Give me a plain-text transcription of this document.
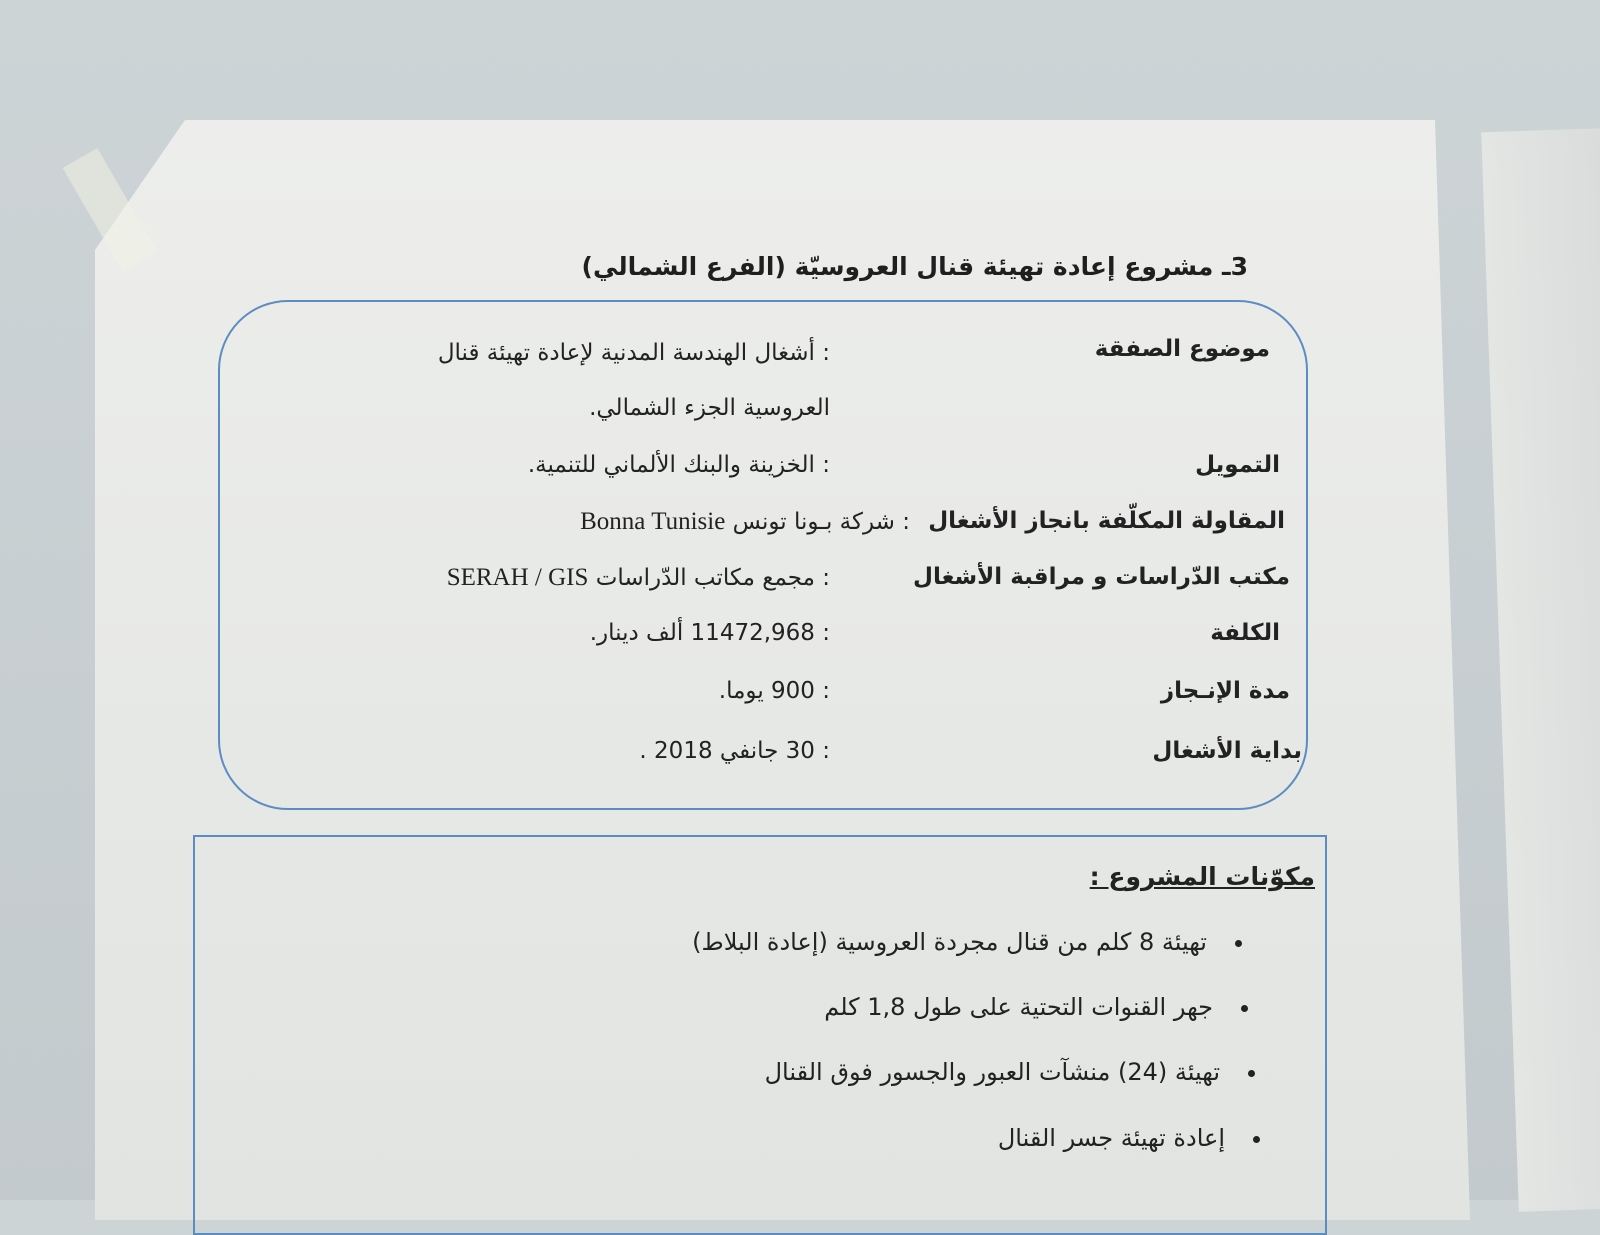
3ـ مشروع إعادة تهيئة قنال العروسيّة (الفرع الشمالي)
موضوع الصفقة
: أشغال الهندسة المدنية لإعادة تهيئة قنال
العروسية الجزء الشمالي.
التمويل
: الخزينة والبنك الألماني للتنمية.
المقاولة المكلّفة بانجاز الأشغال
: شركة بـونا تونس Bonna Tunisie
مكتب الدّراسات و مراقبة الأشغال
: مجمع مكاتب الدّراسات SERAH / GIS
الكلفة
: 11472,968 ألف دينار.
مدة الإنـجاز
: 900 يوما.
بداية الأشغال
: 30 جانفي 2018 .
مكوّنات المشروع :
تهيئة 8 كلم من قنال مجردة العروسية (إعادة البلاط)
جهر القنوات التحتية على طول 1,8 كلم
تهيئة (24) منشآت العبور والجسور فوق القنال
إعادة تهيئة جسر القنال
